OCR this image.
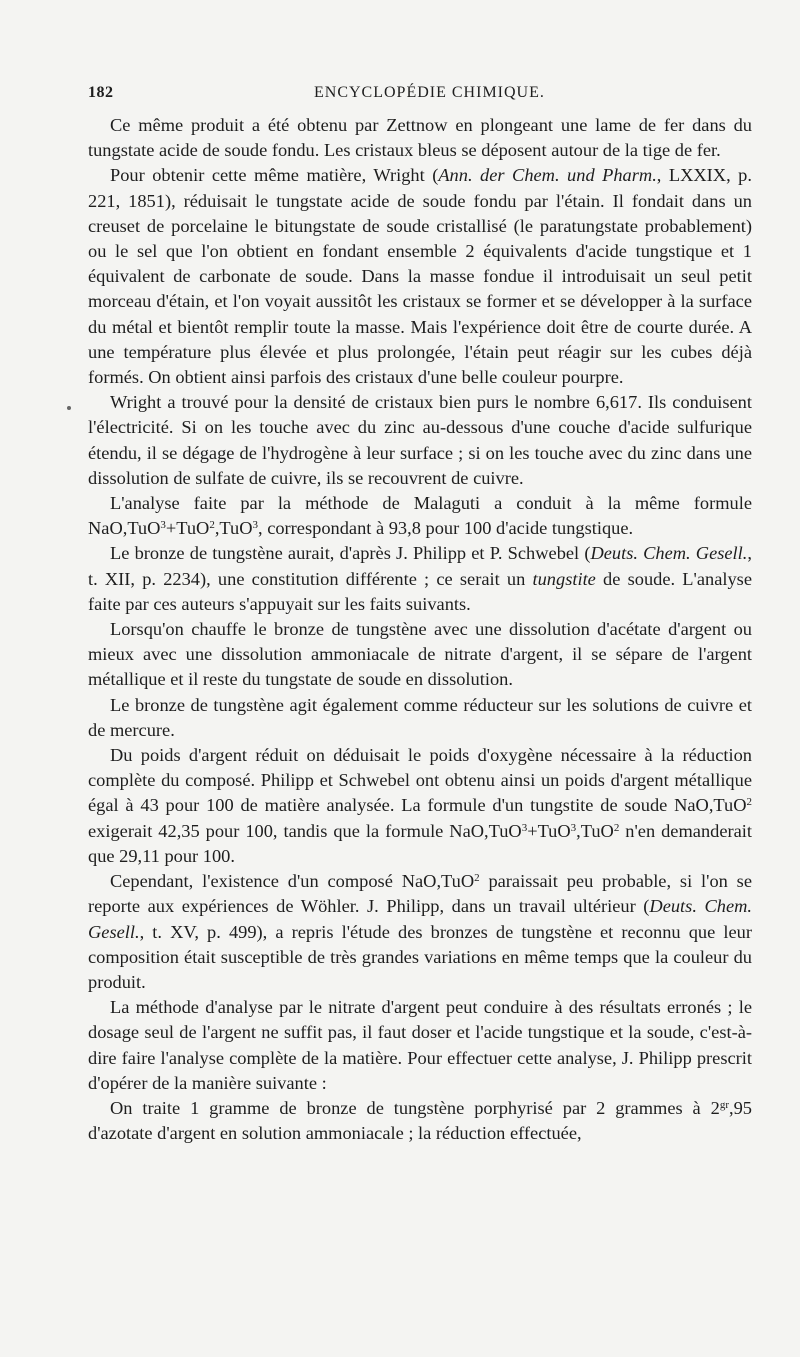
182	ENCYCLOPÉDIE CHIMIQUE.

Ce même produit a été obtenu par Zettnow en plongeant une lame de fer dans du tungstate acide de soude fondu. Les cristaux bleus se déposent autour de la tige de fer.

Pour obtenir cette même matière, Wright (Ann. der Chem. und Pharm., LXXIX, p. 221, 1851), réduisait le tungstate acide de soude fondu par l'étain. Il fondait dans un creuset de porcelaine le bitungstate de soude cristallisé (le paratungstate probablement) ou le sel que l'on obtient en fondant ensemble 2 équivalents d'acide tungstique et 1 équivalent de carbonate de soude. Dans la masse fondue il introduisait un seul petit morceau d'étain, et l'on voyait aussitôt les cristaux se former et se développer à la surface du métal et bientôt remplir toute la masse. Mais l'expérience doit être de courte durée. A une température plus élevée et plus prolongée, l'étain peut réagir sur les cubes déjà formés. On obtient ainsi parfois des cristaux d'une belle couleur pourpre.

Wright a trouvé pour la densité de cristaux bien purs le nombre 6,617. Ils conduisent l'électricité. Si on les touche avec du zinc au-dessous d'une couche d'acide sulfurique étendu, il se dégage de l'hydrogène à leur surface ; si on les touche avec du zinc dans une dissolution de sulfate de cuivre, ils se recouvrent de cuivre.

L'analyse faite par la méthode de Malaguti a conduit à la même formule NaO,TuO$^3$+TuO$^2$,TuO$^3$, correspondant à 93,8 pour 100 d'acide tungstique.

Le bronze de tungstène aurait, d'après J. Philipp et P. Schwebel (Deuts. Chem. Gesell., t. XII, p. 2234), une constitution différente ; ce serait un tungstite de soude. L'analyse faite par ces auteurs s'appuyait sur les faits suivants.

Lorsqu'on chauffe le bronze de tungstène avec une dissolution d'acétate d'argent ou mieux avec une dissolution ammoniacale de nitrate d'argent, il se sépare de l'argent métallique et il reste du tungstate de soude en dissolution.

Le bronze de tungstène agit également comme réducteur sur les solutions de cuivre et de mercure.

Du poids d'argent réduit on déduisait le poids d'oxygène nécessaire à la réduction complète du composé. Philipp et Schwebel ont obtenu ainsi un poids d'argent métallique égal à 43 pour 100 de matière analysée. La formule d'un tungstite de soude NaO,TuO$^2$ exigerait 42,35 pour 100, tandis que la formule NaO,TuO$^3$+TuO$^3$,TuO$^2$ n'en demanderait que 29,11 pour 100.

Cependant, l'existence d'un composé NaO,TuO$^2$ paraissait peu probable, si l'on se reporte aux expériences de Wöhler. J. Philipp, dans un travail ultérieur (Deuts. Chem. Gesell., t. XV, p. 499), a repris l'étude des bronzes de tungstène et reconnu que leur composition était susceptible de très grandes variations en même temps que la couleur du produit.

La méthode d'analyse par le nitrate d'argent peut conduire à des résultats erronés ; le dosage seul de l'argent ne suffit pas, il faut doser et l'acide tungstique et la soude, c'est-à-dire faire l'analyse complète de la matière. Pour effectuer cette analyse, J. Philipp prescrit d'opérer de la manière suivante :

On traite 1 gramme de bronze de tungstène porphyrisé par 2 grammes à $2^{gr},95$ d'azotate d'argent en solution ammoniacale ; la réduction effectuée,
